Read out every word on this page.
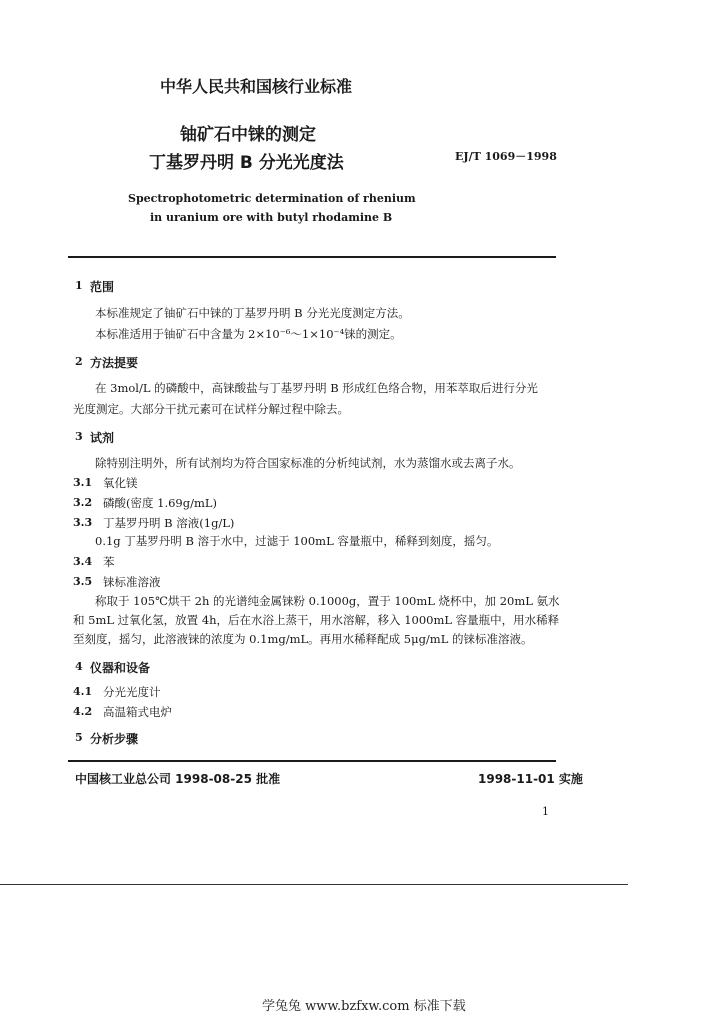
中华人民共和国核行业标准
铀矿石中铼的测定
丁基罗丹明 B 分光光度法	EJ/T 1069－1998
Spectrophotometric determination of rhenium
in uranium ore with butyl rhodamine B
1 范围
本标准规定了铀矿石中铼的丁基罗丹明 B 分光光度测定方法。
本标准适用于铀矿石中含量为 2×10⁻⁶～1×10⁻⁴铼的测定。
2 方法提要
在 3mol/L 的磷酸中，高铼酸盐与丁基罗丹明 B 形成红色络合物，用苯萃取后进行分光
光度测定。大部分干扰元素可在试样分解过程中除去。
3 试剂
除特别注明外，所有试剂均为符合国家标准的分析纯试剂，水为蒸馏水或去离子水。
3.1 氧化镁
3.2 磷酸(密度 1.69g/mL)
3.3 丁基罗丹明 B 溶液(1g/L)
0.1g 丁基罗丹明 B 溶于水中，过滤于 100mL 容量瓶中，稀释到刻度，摇匀。
3.4 苯
3.5 铼标准溶液
称取于 105℃烘干 2h 的光谱纯金属铼粉 0.1000g，置于 100mL 烧杯中，加 20mL 氨水
和 5mL 过氧化氢，放置 4h，后在水浴上蒸干，用水溶解，移入 1000mL 容量瓶中，用水稀释
至刻度，摇匀，此溶液铼的浓度为 0.1mg/mL。再用水稀释配成 5μg/mL 的铼标准溶液。
4 仪器和设备
4.1 分光光度计
4.2 高温箱式电炉
5 分析步骤
中国核工业总公司 1998-08-25 批准	1998-11-01 实施
1
学兔兔 www.bzfxw.com 标准下载
